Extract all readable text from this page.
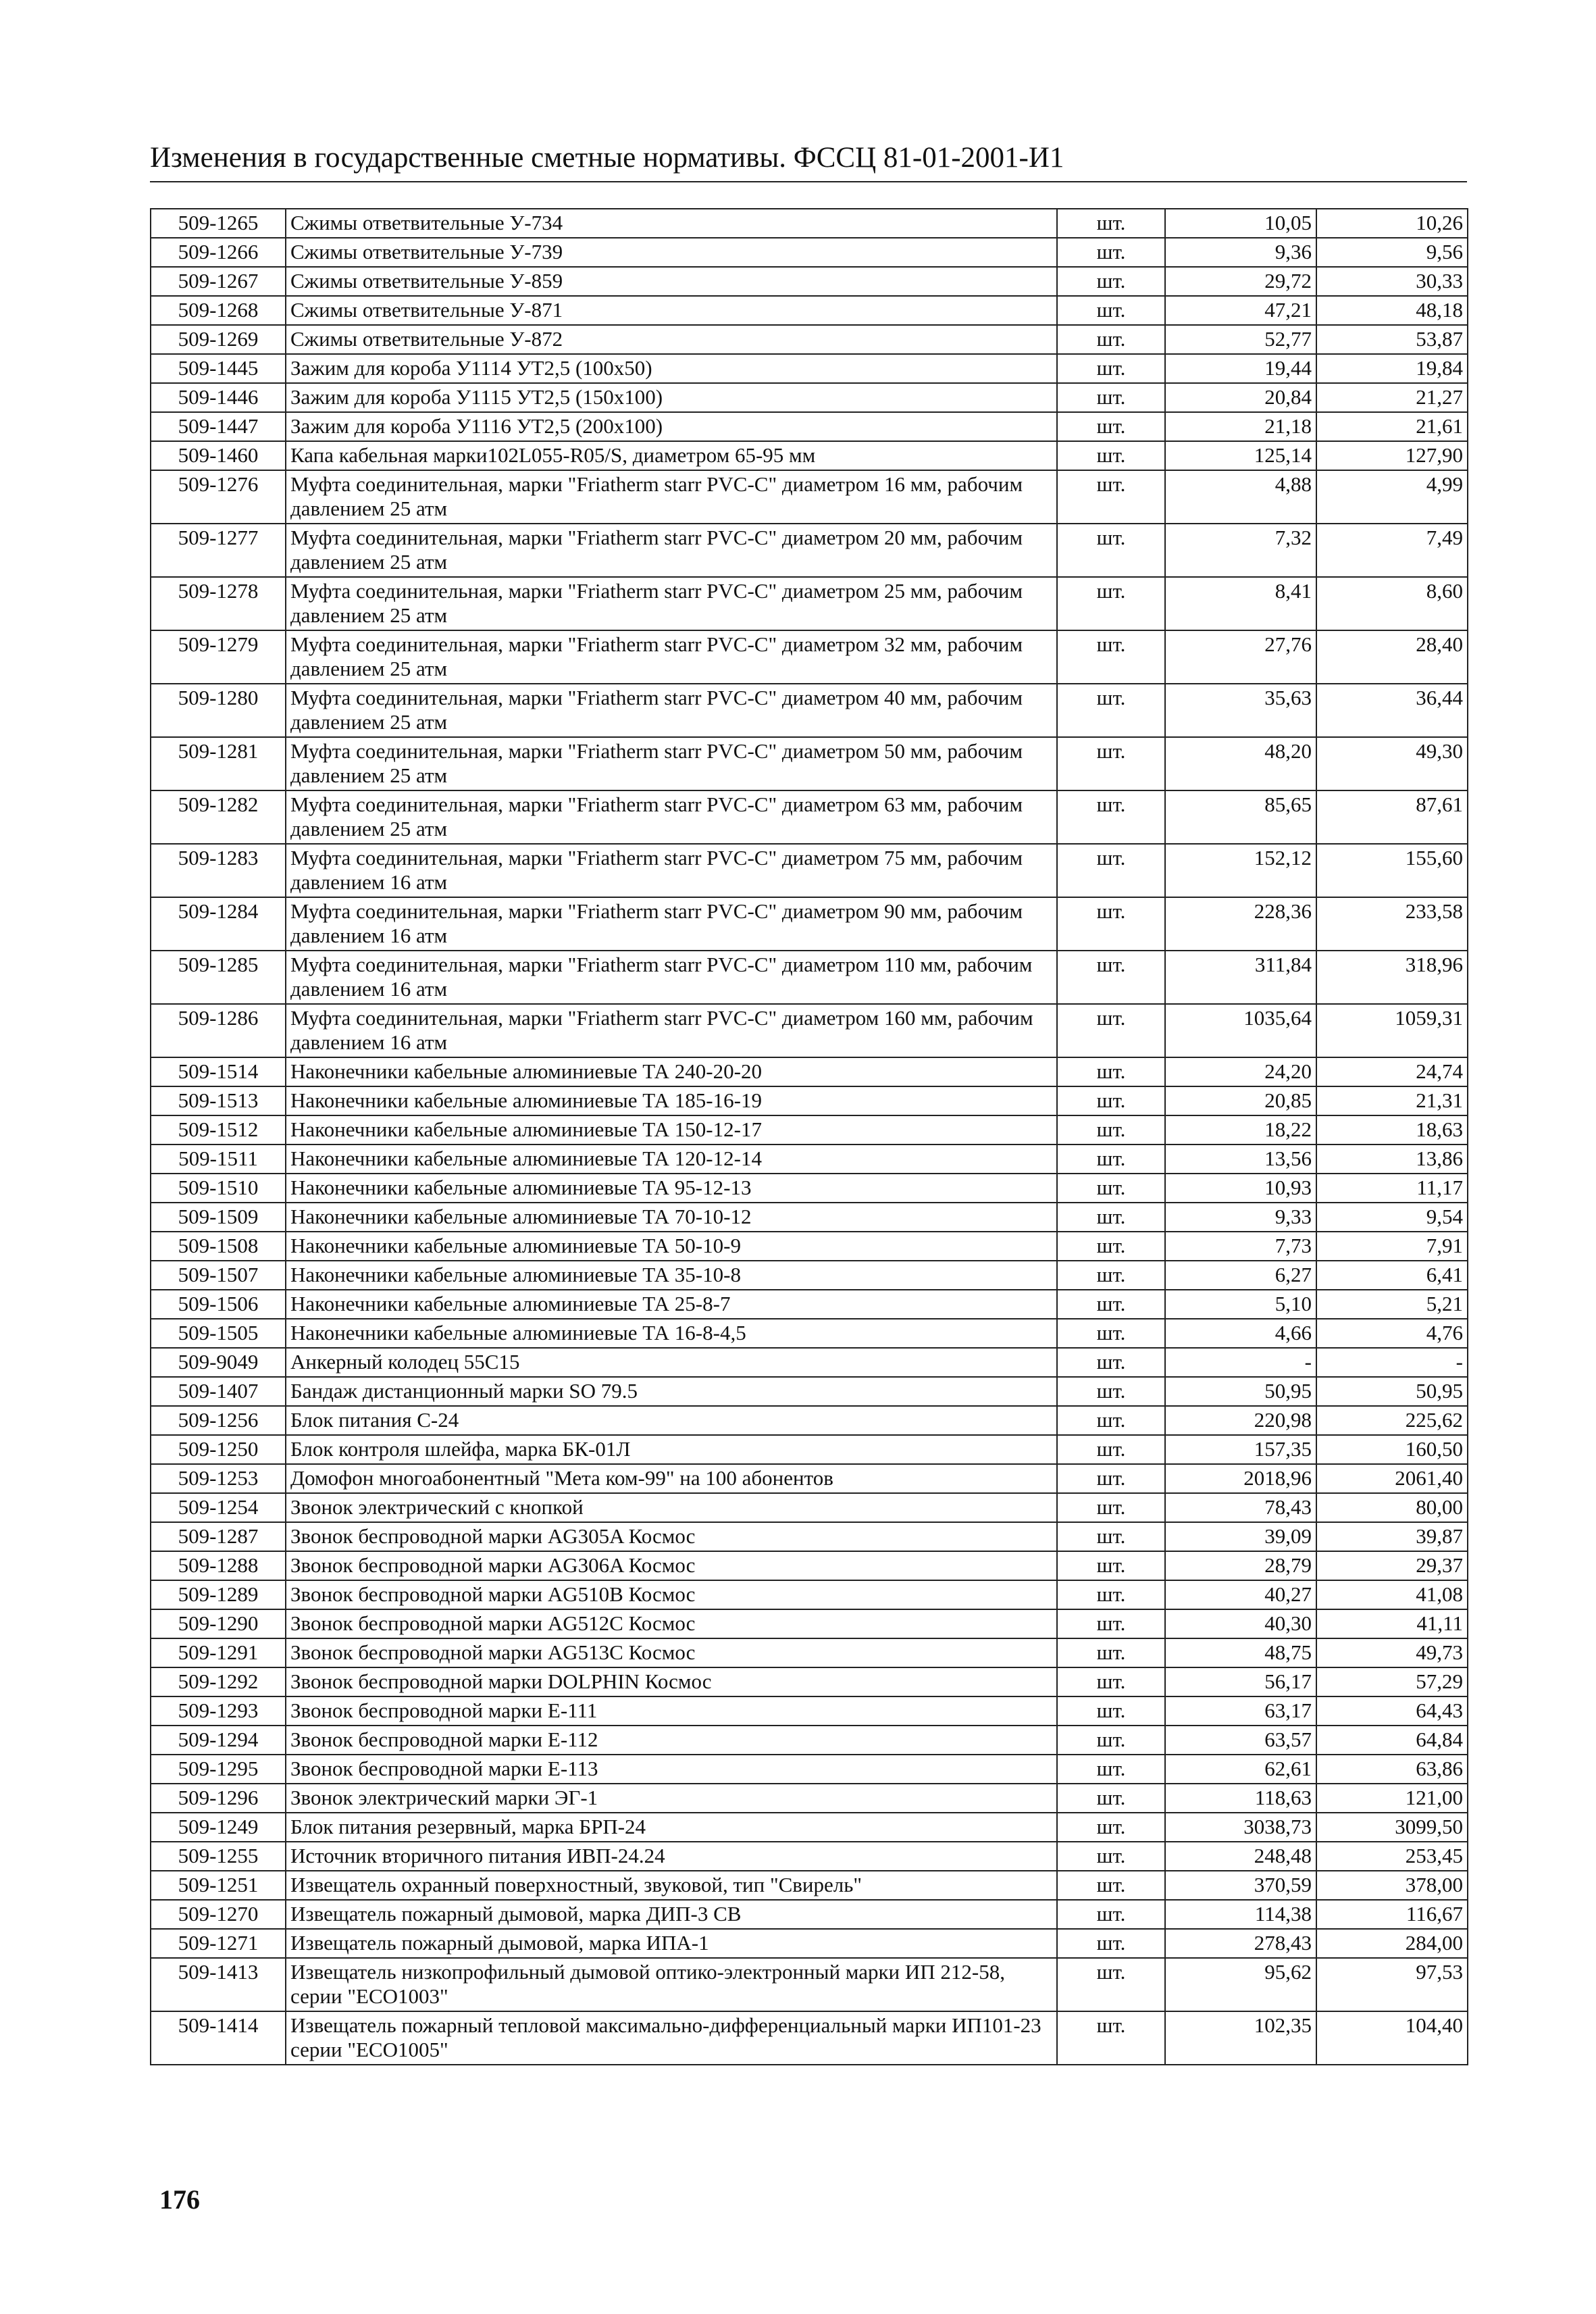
Изменения в государственные сметные нормативы. ФССЦ 81-01-2001-И1
509-1265	Сжимы ответвительные У-734	шт.	10,05	10,26
509-1266	Сжимы ответвительные У-739	шт.	9,36	9,56
509-1267	Сжимы ответвительные У-859	шт.	29,72	30,33
509-1268	Сжимы ответвительные У-871	шт.	47,21	48,18
509-1269	Сжимы ответвительные У-872	шт.	52,77	53,87
509-1445	Зажим для короба У1114 УТ2,5 (100x50)	шт.	19,44	19,84
509-1446	Зажим для короба У1115 УТ2,5 (150x100)	шт.	20,84	21,27
509-1447	Зажим для короба У1116 УТ2,5 (200x100)	шт.	21,18	21,61
509-1460	Капа кабельная марки102L055-R05/S, диаметром 65-95 мм	шт.	125,14	127,90
509-1276	Муфта соединительная, марки "Friatherm starr PVC-C" диаметром 16 мм, рабочим давлением 25 атм	шт.	4,88	4,99
509-1277	Муфта соединительная, марки "Friatherm starr PVC-C" диаметром 20 мм, рабочим давлением 25 атм	шт.	7,32	7,49
509-1278	Муфта соединительная, марки "Friatherm starr PVC-C" диаметром 25 мм, рабочим давлением 25 атм	шт.	8,41	8,60
509-1279	Муфта соединительная, марки "Friatherm starr PVC-C" диаметром 32 мм, рабочим давлением 25 атм	шт.	27,76	28,40
509-1280	Муфта соединительная, марки "Friatherm starr PVC-C" диаметром 40 мм, рабочим давлением 25 атм	шт.	35,63	36,44
509-1281	Муфта соединительная, марки "Friatherm starr PVC-C" диаметром 50 мм, рабочим давлением 25 атм	шт.	48,20	49,30
509-1282	Муфта соединительная, марки "Friatherm starr PVC-C" диаметром 63 мм, рабочим давлением 25 атм	шт.	85,65	87,61
509-1283	Муфта соединительная, марки "Friatherm starr PVC-C" диаметром 75 мм, рабочим давлением 16 атм	шт.	152,12	155,60
509-1284	Муфта соединительная, марки "Friatherm starr PVC-C" диаметром 90 мм, рабочим давлением 16 атм	шт.	228,36	233,58
509-1285	Муфта соединительная, марки "Friatherm starr PVC-C" диаметром 110 мм, рабочим давлением 16 атм	шт.	311,84	318,96
509-1286	Муфта соединительная, марки "Friatherm starr PVC-C" диаметром 160 мм, рабочим давлением 16 атм	шт.	1035,64	1059,31
509-1514	Наконечники кабельные алюминиевые ТА 240-20-20	шт.	24,20	24,74
509-1513	Наконечники кабельные алюминиевые ТА 185-16-19	шт.	20,85	21,31
509-1512	Наконечники кабельные алюминиевые ТА 150-12-17	шт.	18,22	18,63
509-1511	Наконечники кабельные алюминиевые ТА 120-12-14	шт.	13,56	13,86
509-1510	Наконечники кабельные алюминиевые ТА 95-12-13	шт.	10,93	11,17
509-1509	Наконечники кабельные алюминиевые ТА 70-10-12	шт.	9,33	9,54
509-1508	Наконечники кабельные алюминиевые ТА 50-10-9	шт.	7,73	7,91
509-1507	Наконечники кабельные алюминиевые ТА 35-10-8	шт.	6,27	6,41
509-1506	Наконечники кабельные алюминиевые ТА 25-8-7	шт.	5,10	5,21
509-1505	Наконечники кабельные алюминиевые ТА 16-8-4,5	шт.	4,66	4,76
509-9049	Анкерный колодец 55С15	шт.	-	-
509-1407	Бандаж дистанционный марки SO 79.5	шт.	50,95	50,95
509-1256	Блок питания С-24	шт.	220,98	225,62
509-1250	Блок контроля шлейфа, марка БК-01Л	шт.	157,35	160,50
509-1253	Домофон многоабонентный "Мета ком-99" на 100 абонентов	шт.	2018,96	2061,40
509-1254	Звонок электрический с кнопкой	шт.	78,43	80,00
509-1287	Звонок беспроводной марки AG305A Космос	шт.	39,09	39,87
509-1288	Звонок беспроводной марки AG306A Космос	шт.	28,79	29,37
509-1289	Звонок беспроводной марки AG510B Космос	шт.	40,27	41,08
509-1290	Звонок беспроводной марки AG512C Космос	шт.	40,30	41,11
509-1291	Звонок беспроводной марки AG513C Космос	шт.	48,75	49,73
509-1292	Звонок беспроводной марки DOLPHIN Космос	шт.	56,17	57,29
509-1293	Звонок беспроводной марки Е-111	шт.	63,17	64,43
509-1294	Звонок беспроводной марки Е-112	шт.	63,57	64,84
509-1295	Звонок беспроводной марки Е-113	шт.	62,61	63,86
509-1296	Звонок электрический марки ЭГ-1	шт.	118,63	121,00
509-1249	Блок питания резервный, марка БРП-24	шт.	3038,73	3099,50
509-1255	Источник вторичного питания ИВП-24.24	шт.	248,48	253,45
509-1251	Извещатель охранный поверхностный, звуковой, тип "Свирель"	шт.	370,59	378,00
509-1270	Извещатель пожарный дымовой, марка ДИП-3 СВ	шт.	114,38	116,67
509-1271	Извещатель пожарный дымовой, марка ИПА-1	шт.	278,43	284,00
509-1413	Извещатель низкопрофильный дымовой оптико-электронный марки ИП 212-58, серии "ECO1003"	шт.	95,62	97,53
509-1414	Извещатель пожарный тепловой максимально-дифференциальный марки ИП101-23 серии "ECO1005"	шт.	102,35	104,40
176
